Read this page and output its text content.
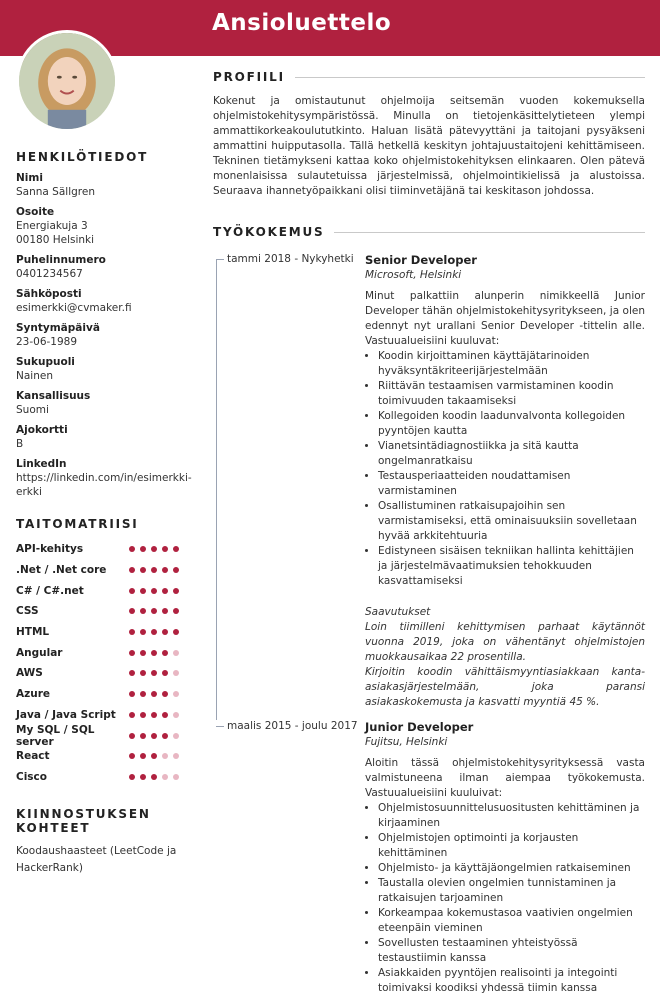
Ansioluettelo
HENKILÖTIEDOT
Nimi
Sanna Sällgren
Osoite
Energiakuja 3
00180 Helsinki
Puhelinnumero
0401234567
Sähköposti
esimerkki@cvmaker.fi
Syntymäpäivä
23-06-1989
Sukupuoli
Nainen
Kansallisuus
Suomi
Ajokortti
B
LinkedIn
https://linkedin.com/in/esimerkki-erkki
TAITOMATRIISI
API-kehitys
.Net / .Net core
C# / C#.net
CSS
HTML
Angular
AWS
Azure
Java / Java Script
My SQL / SQL server
React
Cisco
KIINNOSTUKSEN KOHTEET
Koodaushaasteet (LeetCode ja HackerRank)
PROFIILI
Kokenut ja omistautunut ohjelmoija seitsemän vuoden kokemuksella ohjelmistokehitysympäristössä. Minulla on tietojenkäsittelytieteen ylempi ammattikorkeakoulututkinto. Haluan lisätä pätevyyttäni ja taitojani pysyäkseni ammattini huipputasolla. Tällä hetkellä keskityn johtajuustaitojeni kehittämiseen. Tekninen tietämykseni kattaa koko ohjelmistokehityksen elinkaaren. Olen pätevä monenlaisissa sulautetuissa järjestelmissä, ohjelmointikielissä ja alustoissa. Seuraava ihannetyöpaikkani olisi tiiminvetäjänä tai keskitason johdossa.
TYÖKOKEMUS
tammi 2018 - Nykyhetki Senior Developer
Microsoft, Helsinki
Minut palkattiin alunperin nimikkeellä Junior Developer tähän ohjelmistokehitysyritykseen, ja olen edennyt nyt urallani Senior Developer -tittelin alle. Vastuualueisiini kuuluvat:
• Koodin kirjoittaminen käyttäjätarinoiden hyväksyntäkriteerijärjestelmään
• Riittävän testaamisen varmistaminen koodin toimivuuden takaamiseksi
• Kollegoiden koodin laadunvalvonta kollegoiden pyyntöjen kautta
• Vianetsintädiagnostiikka ja sitä kautta ongelmanratkaisu
• Testausperiaatteiden noudattamisen varmistaminen
• Osallistuminen ratkaisupajoihin sen varmistamiseksi, että ominaisuuksiin sovelletaan hyvää arkkitehtuuria
• Edistyneen sisäisen tekniikan hallinta kehittäjien ja järjestelmävaatimuksien tehokkuuden kasvattamiseksi
Saavutukset
Loin tiimilleni kehittymisen parhaat käytännöt vuonna 2019, joka on vähentänyt ohjelmistojen muokkausaikaa 22 prosentilla.
Kirjoitin koodin vähittäismyyntiasiakkaan kanta-asiakasjärjestelmään, joka paransi asiakaskokemusta ja kasvatti myyntiä 45 %.
maalis 2015 - joulu 2017 Junior Developer
Fujitsu, Helsinki
Aloitin tässä ohjelmistokehitysyrityksessä vasta valmistuneena ilman aiempaa työkokemusta. Vastuualueisiini kuuluivat:
• Ohjelmistosuunnittelusuositusten kehittäminen ja kirjaaminen
• Ohjelmistojen optimointi ja korjausten kehittäminen
• Ohjelmisto- ja käyttäjäongelmien ratkaiseminen
• Taustalla olevien ongelmien tunnistaminen ja ratkaisujen tarjoaminen
• Korkeampaa kokemustasoa vaativien ongelmien eteenpäin vieminen
• Sovellusten testaaminen yhteistyössä testaustiimin kanssa
• Asiakkaiden pyyntöjen realisointi ja integointi toimivaksi koodiksi yhdessä tiimin kanssa
